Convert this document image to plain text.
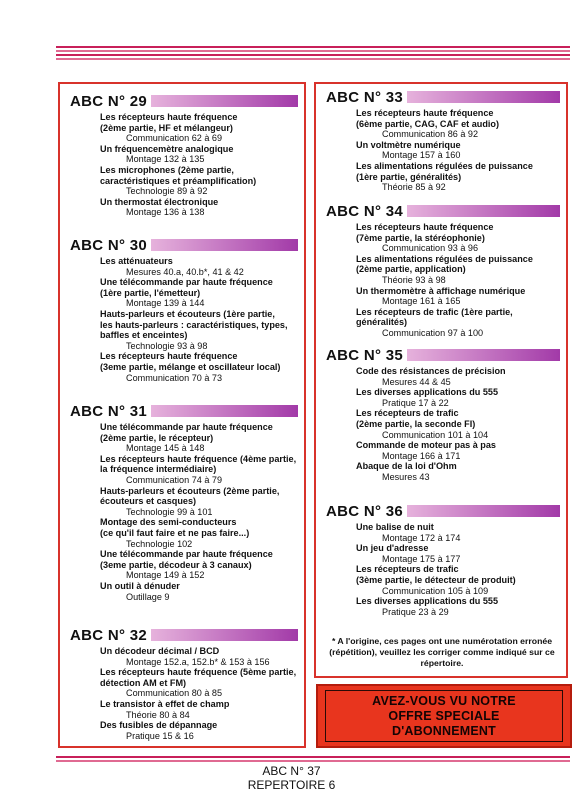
ABC N° 29
Les récepteurs haute fréquence
(2ème partie, HF et mélangeur)
Communication 62 à 69
Un fréquencemètre analogique
Montage 132 à 135
Les microphones (2ème partie,
caractéristiques et préamplification)
Technologie 89 à 92
Un thermostat électronique
Montage 136 à 138
ABC N° 30
Les atténuateurs
Mesures 40.a, 40.b*, 41 & 42
Une télécommande par haute fréquence
(1ère partie, l'émetteur)
Montage 139 à 144
Hauts-parleurs et écouteurs (1ère partie,
les hauts-parleurs : caractéristiques, types,
baffles et enceintes)
Technologie 93 à 98
Les récepteurs haute fréquence
(3eme partie, mélange et oscillateur local)
Communication 70 à 73
ABC N° 31
Une télécommande par haute fréquence
(2ème partie, le récepteur)
Montage 145 à 148
Les récepteurs haute fréquence (4ème partie,
la fréquence intermédiaire)
Communication 74 à 79
Hauts-parleurs et écouteurs (2ème partie,
écouteurs et casques)
Technologie 99 à 101
Montage des semi-conducteurs
(ce qu'il faut faire et ne pas faire...)
Technologie 102
Une télécommande par haute fréquence
(3eme partie, décodeur à 3 canaux)
Montage 149 à 152
Un outil à dénuder
Outillage 9
ABC N° 32
Un décodeur décimal / BCD
Montage 152.a, 152.b* & 153 à 156
Les récepteurs haute fréquence (5ème partie,
détection AM et FM)
Communication 80 à 85
Le transistor à effet de champ
Théorie 80 à 84
Des fusibles de dépannage
Pratique 15 & 16
ABC N° 33
Les récepteurs haute fréquence
(6ème partie, CAG, CAF et audio)
Communication 86 à 92
Un voltmètre numérique
Montage 157 à 160
Les alimentations régulées de puissance
(1ère partie, généralités)
Théorie 85 à 92
ABC N° 34
Les récepteurs haute fréquence
(7ème partie, la stéréophonie)
Communication 93 à 96
Les alimentations régulées de puissance
(2ème partie, application)
Théorie 93 à 98
Un thermomètre à affichage numérique
Montage 161 à 165
Les récepteurs de trafic (1ère partie, généralités)
Communication 97 à 100
ABC N° 35
Code des résistances de précision
Mesures 44 & 45
Les diverses applications du 555
Pratique 17 à 22
Les récepteurs de trafic
(2ème partie, la seconde FI)
Communication 101 à 104
Commande de moteur pas à pas
Montage 166 à 171
Abaque de la loi d'Ohm
Mesures 43
ABC N° 36
Une balise de nuit
Montage 172 à 174
Un jeu d'adresse
Montage 175 à 177
Les récepteurs de trafic
(3ème partie, le détecteur de produit)
Communication 105 à 109
Les diverses applications du 555
Pratique 23 à 29
* A l'origine, ces pages ont une numérotation erronée
(répétition), veuillez les corriger comme indiqué sur ce
répertoire.
AVEZ-VOUS VU NOTRE
OFFRE SPECIALE
D'ABONNEMENT
ABC N° 37
REPERTOIRE 6
